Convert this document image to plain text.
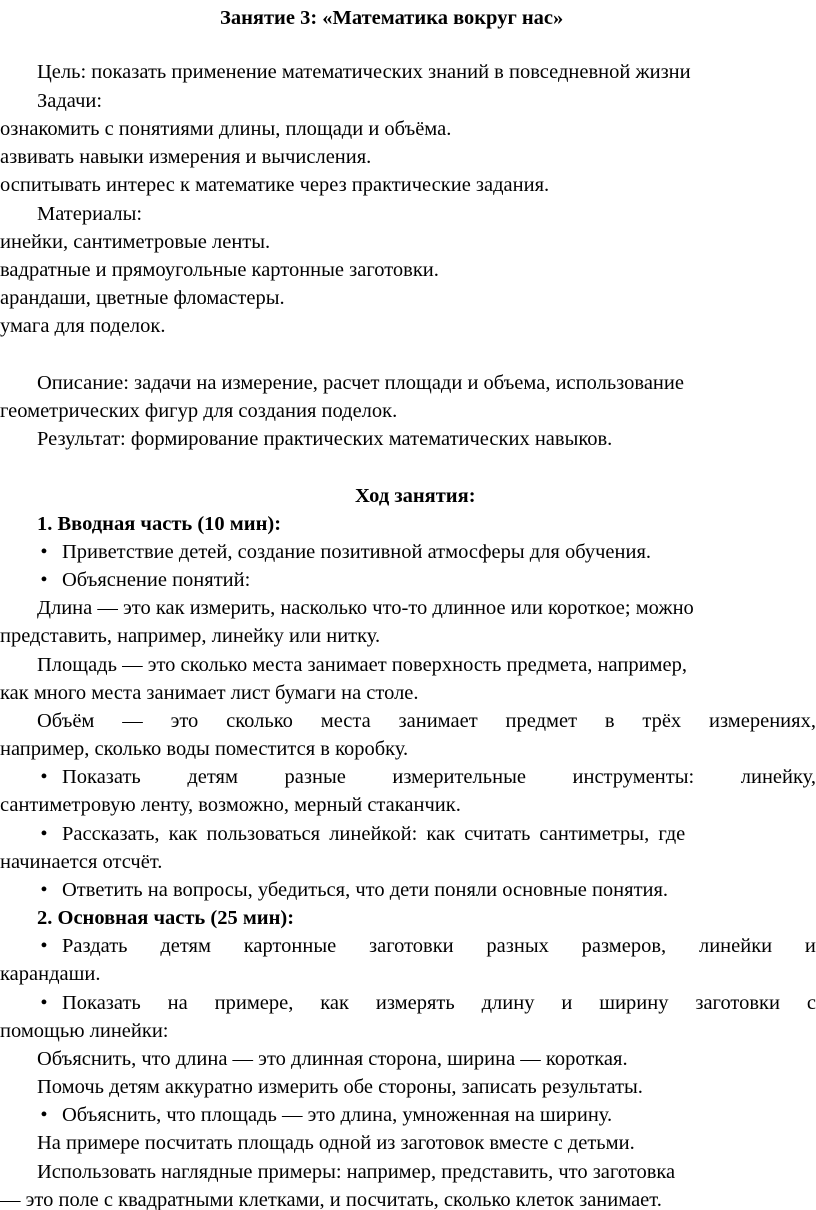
Занятие 3: «Математика вокруг нас»

Цель: показать применение математических знаний в повседневной жизни

Задачи:

ознакомить с понятиями длины, площади и объёма.

азвивать навыки измерения и вычисления.

оспитывать интерес к математике через практические задания.

Материалы:

инейки, сантиметровые ленты.

вадратные и прямоугольные картонные заготовки.

арандаши, цветные фломастеры.

умага для поделок.

Описание: задачи на измерение, расчет площади и объема, использование

геометрических фигур для создания поделок.

Результат: формирование практических математических навыков.

Ход занятия:

1. Вводная часть (10 мин):

• Приветствие детей, создание позитивной атмосферы для обучения.

• Объяснение понятий:

Длина — это как измерить, насколько что-то длинное или короткое; можно

представить, например, линейку или нитку.

Площадь — это сколько места занимает поверхность предмета, например,

как много места занимает лист бумаги на столе.

Объём — это сколько места занимает предмет в трёх измерениях,

например, сколько воды поместится в коробку.

• Показать детям разные измерительные инструменты: линейку,

сантиметровую ленту, возможно, мерный стаканчик.

• Рассказать, как пользоваться линейкой: как считать сантиметры, где

начинается отсчёт.

• Ответить на вопросы, убедиться, что дети поняли основные понятия.

2. Основная часть (25 мин):

• Раздать детям картонные заготовки разных размеров, линейки и

карандаши.

• Показать на примере, как измерять длину и ширину заготовки с

помощью линейки:

Объяснить, что длина — это длинная сторона, ширина — короткая.

Помочь детям аккуратно измерить обе стороны, записать результаты.

• Объяснить, что площадь — это длина, умноженная на ширину.

На примере посчитать площадь одной из заготовок вместе с детьми.

Использовать наглядные примеры: например, представить, что заготовка

— это поле с квадратными клетками, и посчитать, сколько клеток занимает.
